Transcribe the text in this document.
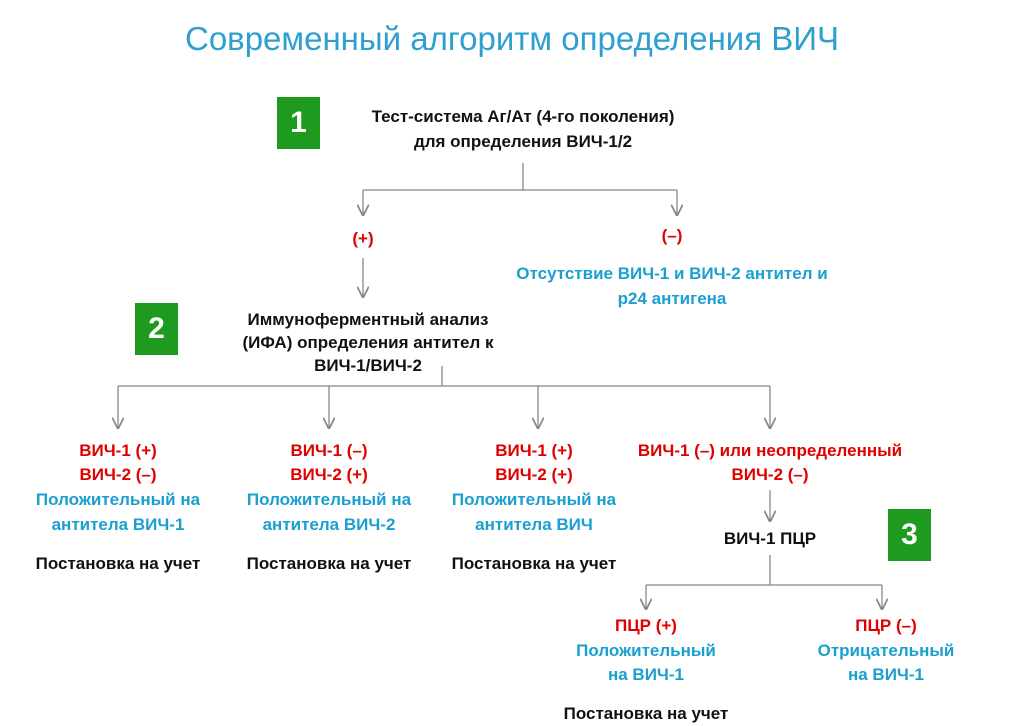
Современный алгоритм определения ВИЧ
1	Тест-система Аг/Ат (4-го поколения)
для определения ВИЧ-1/2
(+)	(–)
Отсутствие ВИЧ-1 и ВИЧ-2 антител и
р24 антигена
2	Иммуноферментный анализ
(ИФА) определения антител к
ВИЧ-1/ВИЧ-2
ВИЧ-1 (+)
ВИЧ-2 (–)
Положительный на
антитела ВИЧ-1
Постановка на учет
ВИЧ-1 (–)
ВИЧ-2 (+)
Положительный на
антитела ВИЧ-2
Постановка на учет
ВИЧ-1 (+)
ВИЧ-2 (+)
Положительный на
антитела ВИЧ
Постановка на учет
ВИЧ-1 (–) или неопределенный
ВИЧ-2 (–)
ВИЧ-1 ПЦР	3
ПЦР (+)
Положительный
на ВИЧ-1
Постановка на учет
ПЦР (–)
Отрицательный
на ВИЧ-1
